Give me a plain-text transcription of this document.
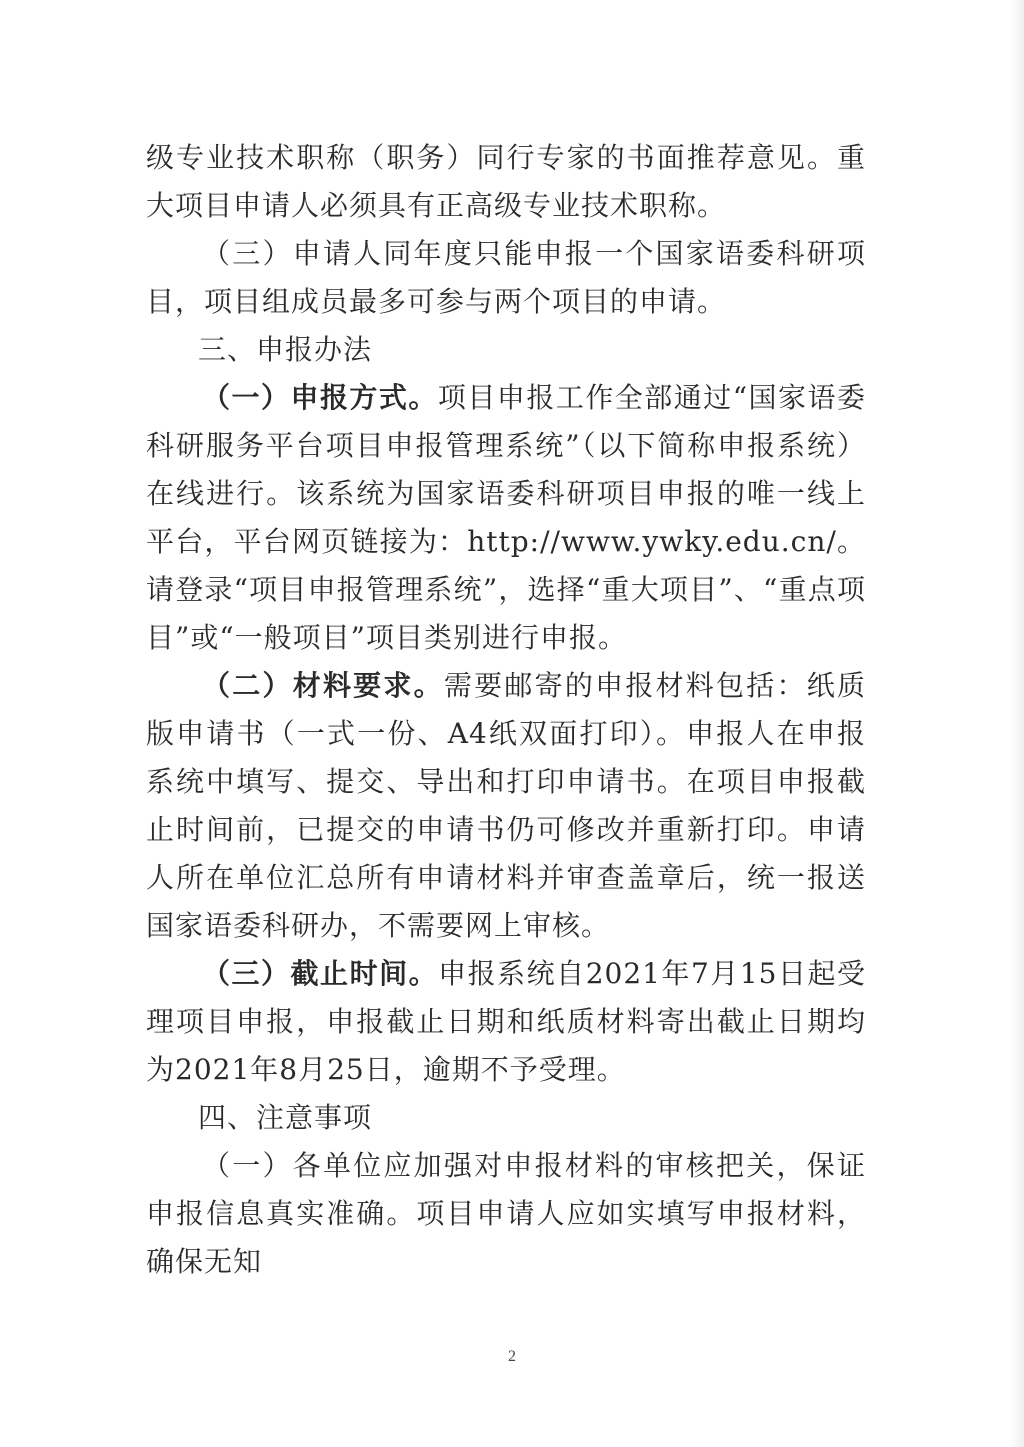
级专业技术职称（职务）同行专家的书面推荐意见。重大项目申请人必须具有正高级专业技术职称。

（三）申请人同年度只能申报一个国家语委科研项目，项目组成员最多可参与两个项目的申请。

三、申报办法

（一）申报方式。项目申报工作全部通过“国家语委科研服务平台项目申报管理系统”（以下简称申报系统）在线进行。该系统为国家语委科研项目申报的唯一线上平台，平台网页链接为：http://www.ywky.edu.cn/。请登录“项目申报管理系统”，选择“重大项目”、“重点项目”或“一般项目”项目类别进行申报。

（二）材料要求。需要邮寄的申报材料包括：纸质版申请书（一式一份、A4纸双面打印）。申报人在申报系统中填写、提交、导出和打印申请书。在项目申报截止时间前，已提交的申请书仍可修改并重新打印。申请人所在单位汇总所有申请材料并审查盖章后，统一报送国家语委科研办，不需要网上审核。

（三）截止时间。申报系统自2021年7月15日起受理项目申报，申报截止日期和纸质材料寄出截止日期均为2021年8月25日，逾期不予受理。

四、注意事项

（一）各单位应加强对申报材料的审核把关，保证申报信息真实准确。项目申请人应如实填写申报材料，确保无知

2
